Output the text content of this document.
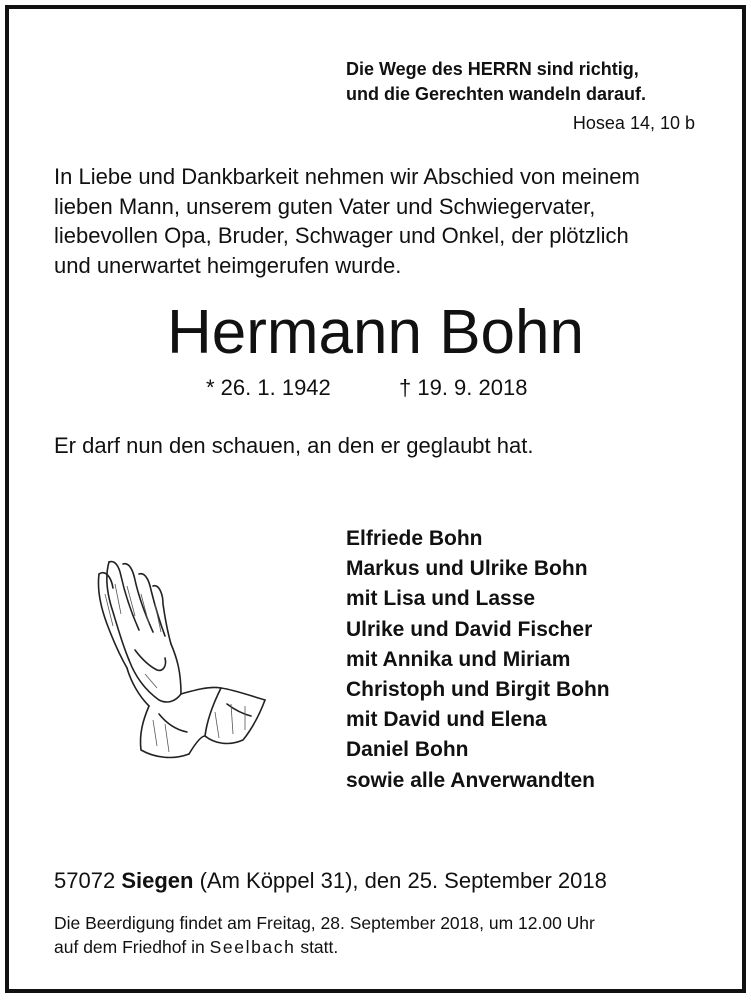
Die Wege des HERRN sind richtig,
und die Gerechten wandeln darauf.
Hosea 14, 10 b
In Liebe und Dankbarkeit nehmen wir Abschied von meinem
lieben Mann, unserem guten Vater und Schwiegervater,
liebevollen Opa, Bruder, Schwager und Onkel, der plötzlich
und unerwartet heimgerufen wurde.
Hermann Bohn
* 26. 1. 1942	† 19. 9. 2018
Er darf nun den schauen, an den er geglaubt hat.
Elfriede Bohn
Markus und Ulrike Bohn
mit Lisa und Lasse
Ulrike und David Fischer
mit Annika und Miriam
Christoph und Birgit Bohn
mit David und Elena
Daniel Bohn
sowie alle Anverwandten
57072 Siegen (Am Köppel 31), den 25. September 2018
Die Beerdigung findet am Freitag, 28. September 2018, um 12.00 Uhr
auf dem Friedhof in Seelbach statt.
